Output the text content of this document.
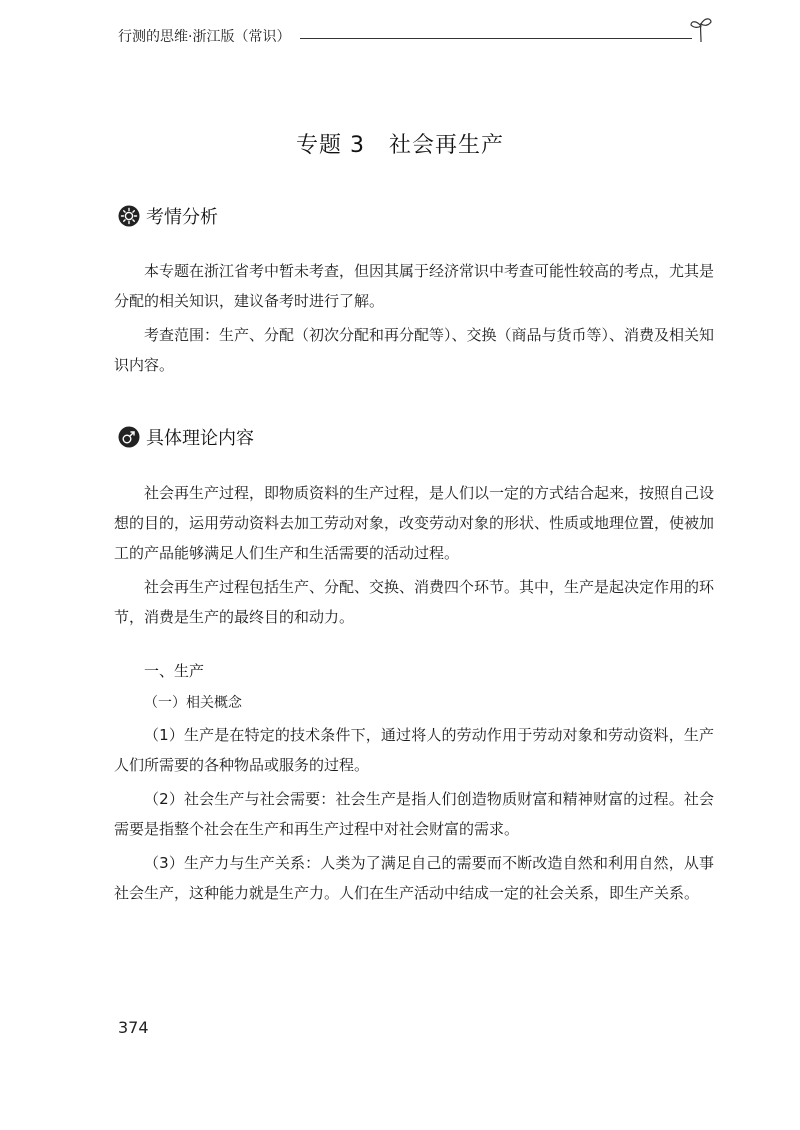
行测的思维·浙江版（常识）
专题 3   社会再生产
考情分析

本专题在浙江省考中暂未考查，但因其属于经济常识中考查可能性较高的考点，尤其是分配的相关知识，建议备考时进行了解。

考查范围：生产、分配（初次分配和再分配等）、交换（商品与货币等）、消费及相关知识内容。

具体理论内容

社会再生产过程，即物质资料的生产过程，是人们以一定的方式结合起来，按照自己设想的目的，运用劳动资料去加工劳动对象，改变劳动对象的形状、性质或地理位置，使被加工的产品能够满足人们生产和生活需要的活动过程。

社会再生产过程包括生产、分配、交换、消费四个环节。其中，生产是起决定作用的环节，消费是生产的最终目的和动力。

一、生产

（一）相关概念

（1）生产是在特定的技术条件下，通过将人的劳动作用于劳动对象和劳动资料，生产人们所需要的各种物品或服务的过程。

（2）社会生产与社会需要：社会生产是指人们创造物质财富和精神财富的过程。社会需要是指整个社会在生产和再生产过程中对社会财富的需求。

（3）生产力与生产关系：人类为了满足自己的需要而不断改造自然和利用自然，从事社会生产，这种能力就是生产力。人们在生产活动中结成一定的社会关系，即生产关系。

374
